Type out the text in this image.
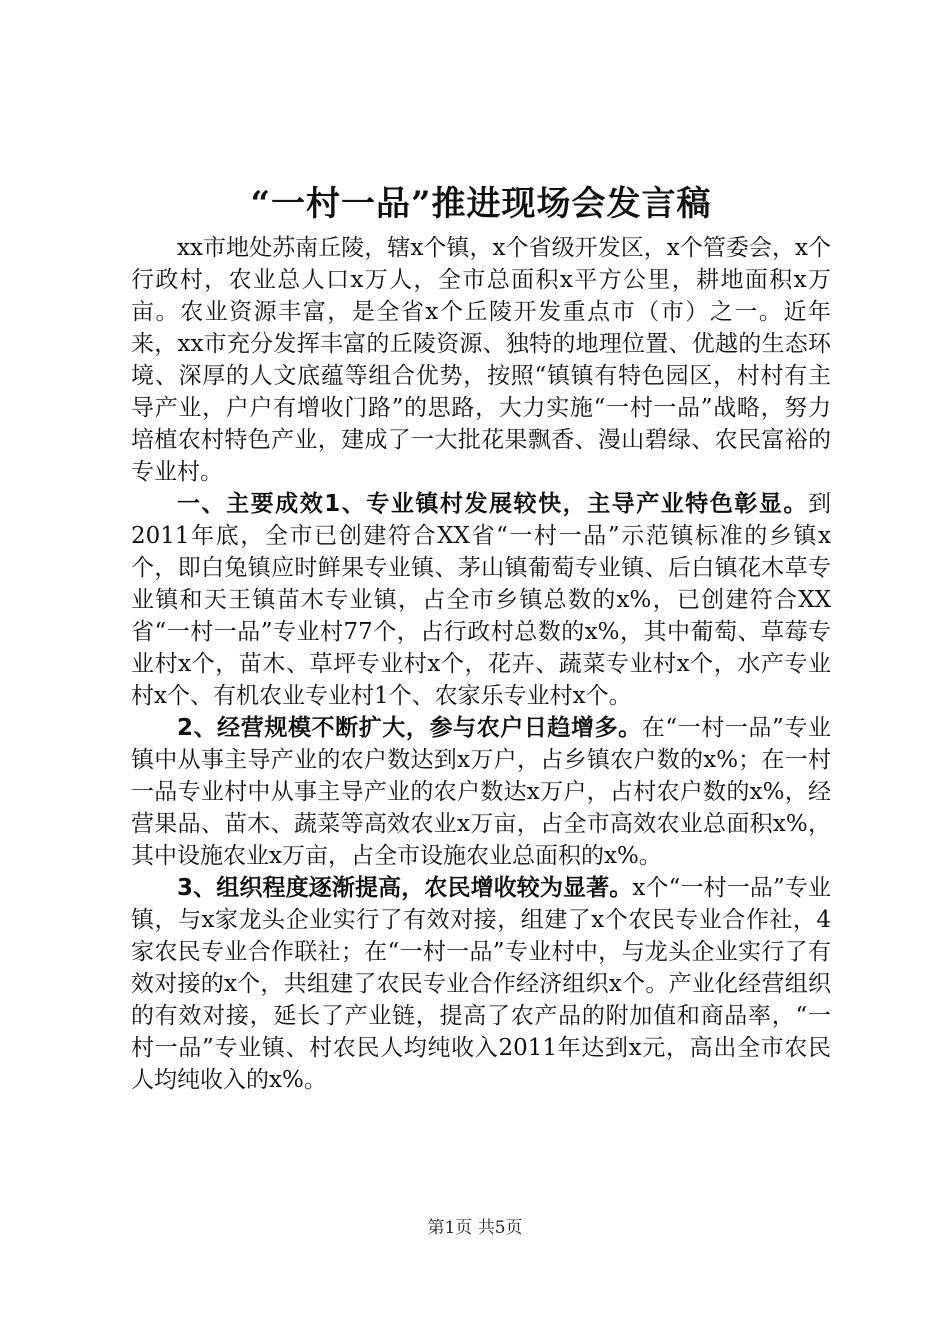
“一村一品”推进现场会发言稿

xx市地处苏南丘陵，辖x个镇，x个省级开发区，x个管委会，x个行政村，农业总人口x万人，全市总面积x平方公里，耕地面积x万亩。农业资源丰富，是全省x个丘陵开发重点市（市）之一。近年来，xx市充分发挥丰富的丘陵资源、独特的地理位置、优越的生态环境、深厚的人文底蕴等组合优势，按照“镇镇有特色园区，村村有主导产业，户户有增收门路”的思路，大力实施“一村一品”战略，努力培植农村特色产业，建成了一大批花果飘香、漫山碧绿、农民富裕的专业村。

一、主要成效1、专业镇村发展较快，主导产业特色彰显。到2011年底，全市已创建符合XX省“一村一品”示范镇标准的乡镇x个，即白兔镇应时鲜果专业镇、茅山镇葡萄专业镇、后白镇花木草专业镇和天王镇苗木专业镇，占全市乡镇总数的x%，已创建符合XX省“一村一品”专业村77个，占行政村总数的x%，其中葡萄、草莓专业村x个，苗木、草坪专业村x个，花卉、蔬菜专业村x个，水产专业村x个、有机农业专业村1个、农家乐专业村x个。

2、经营规模不断扩大，参与农户日趋增多。在“一村一品”专业镇中从事主导产业的农户数达到x万户，占乡镇农户数的x%；在一村一品专业村中从事主导产业的农户数达x万户，占村农户数的x%，经营果品、苗木、蔬菜等高效农业x万亩，占全市高效农业总面积x%，其中设施农业x万亩，占全市设施农业总面积的x%。

3、组织程度逐渐提高，农民增收较为显著。x个“一村一品”专业镇，与x家龙头企业实行了有效对接，组建了x个农民专业合作社，4家农民专业合作联社；在“一村一品”专业村中，与龙头企业实行了有效对接的x个，共组建了农民专业合作经济组织x个。产业化经营组织的有效对接，延长了产业链，提高了农产品的附加值和商品率，“一村一品”专业镇、村农民人均纯收入2011年达到x元，高出全市农民人均纯收入的x%。

第1页 共5页
